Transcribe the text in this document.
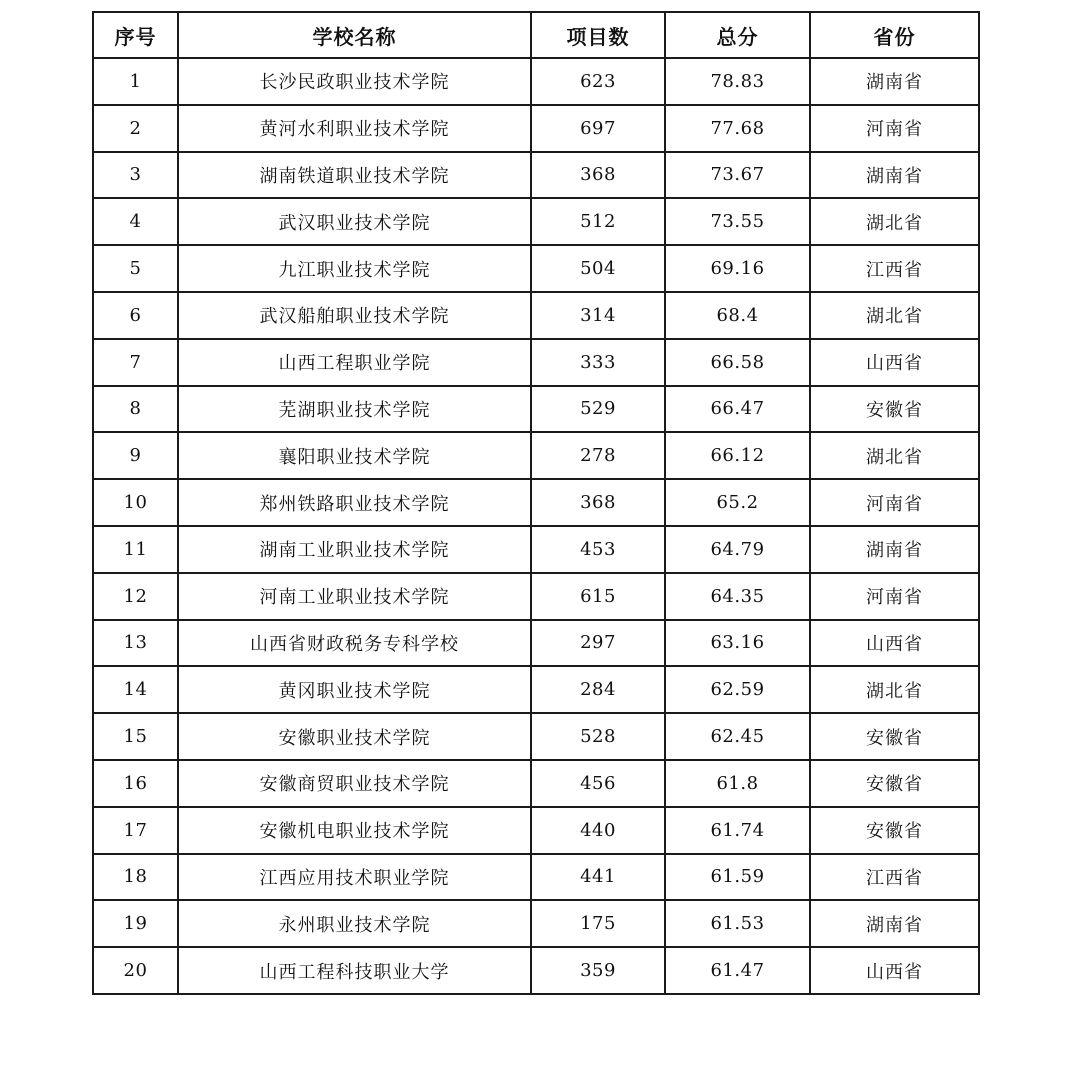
序号	学校名称	项目数	总分	省份
1	长沙民政职业技术学院	623	78.83	湖南省
2	黄河水利职业技术学院	697	77.68	河南省
3	湖南铁道职业技术学院	368	73.67	湖南省
4	武汉职业技术学院	512	73.55	湖北省
5	九江职业技术学院	504	69.16	江西省
6	武汉船舶职业技术学院	314	68.4	湖北省
7	山西工程职业学院	333	66.58	山西省
8	芜湖职业技术学院	529	66.47	安徽省
9	襄阳职业技术学院	278	66.12	湖北省
10	郑州铁路职业技术学院	368	65.2	河南省
11	湖南工业职业技术学院	453	64.79	湖南省
12	河南工业职业技术学院	615	64.35	河南省
13	山西省财政税务专科学校	297	63.16	山西省
14	黄冈职业技术学院	284	62.59	湖北省
15	安徽职业技术学院	528	62.45	安徽省
16	安徽商贸职业技术学院	456	61.8	安徽省
17	安徽机电职业技术学院	440	61.74	安徽省
18	江西应用技术职业学院	441	61.59	江西省
19	永州职业技术学院	175	61.53	湖南省
20	山西工程科技职业大学	359	61.47	山西省
